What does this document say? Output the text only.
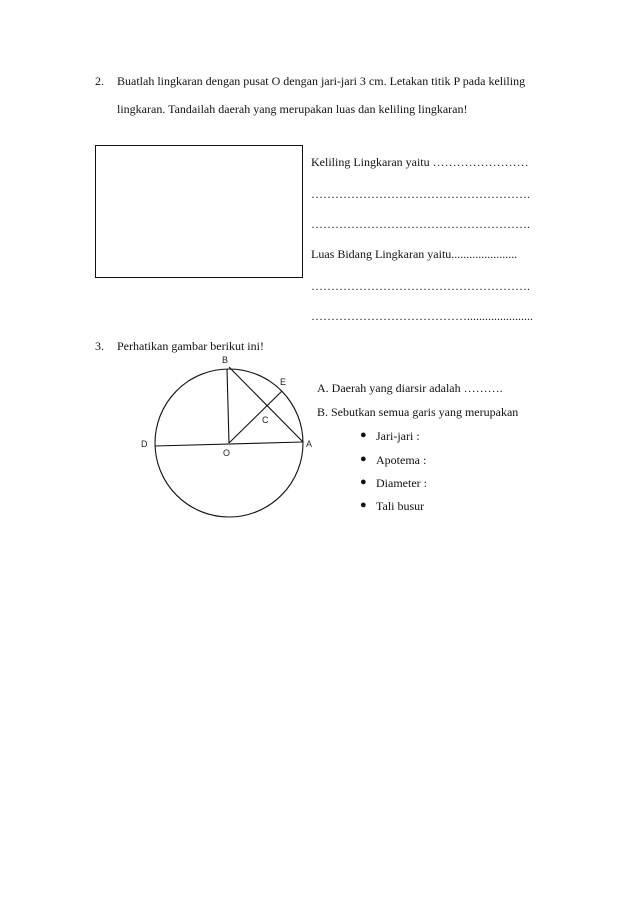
2. Buatlah lingkaran dengan pusat O dengan jari-jari 3 cm. Letakan titik P pada keliling
lingkaran. Tandailah daerah yang merupakan luas dan keliling lingkaran!
Keliling Lingkaran yaitu ……………………
……………………………………………….
……………………………………………….
Luas Bidang Lingkaran yaitu......................
……………………………………………….
…………………………………......................
3. Perhatikan gambar berikut ini!
B
E
C
D
O
A
A. Daerah yang diarsir adalah ……….
B. Sebutkan semua garis yang merupakan
● Jari-jari :
● Apotema :
● Diameter :
● Tali busur
